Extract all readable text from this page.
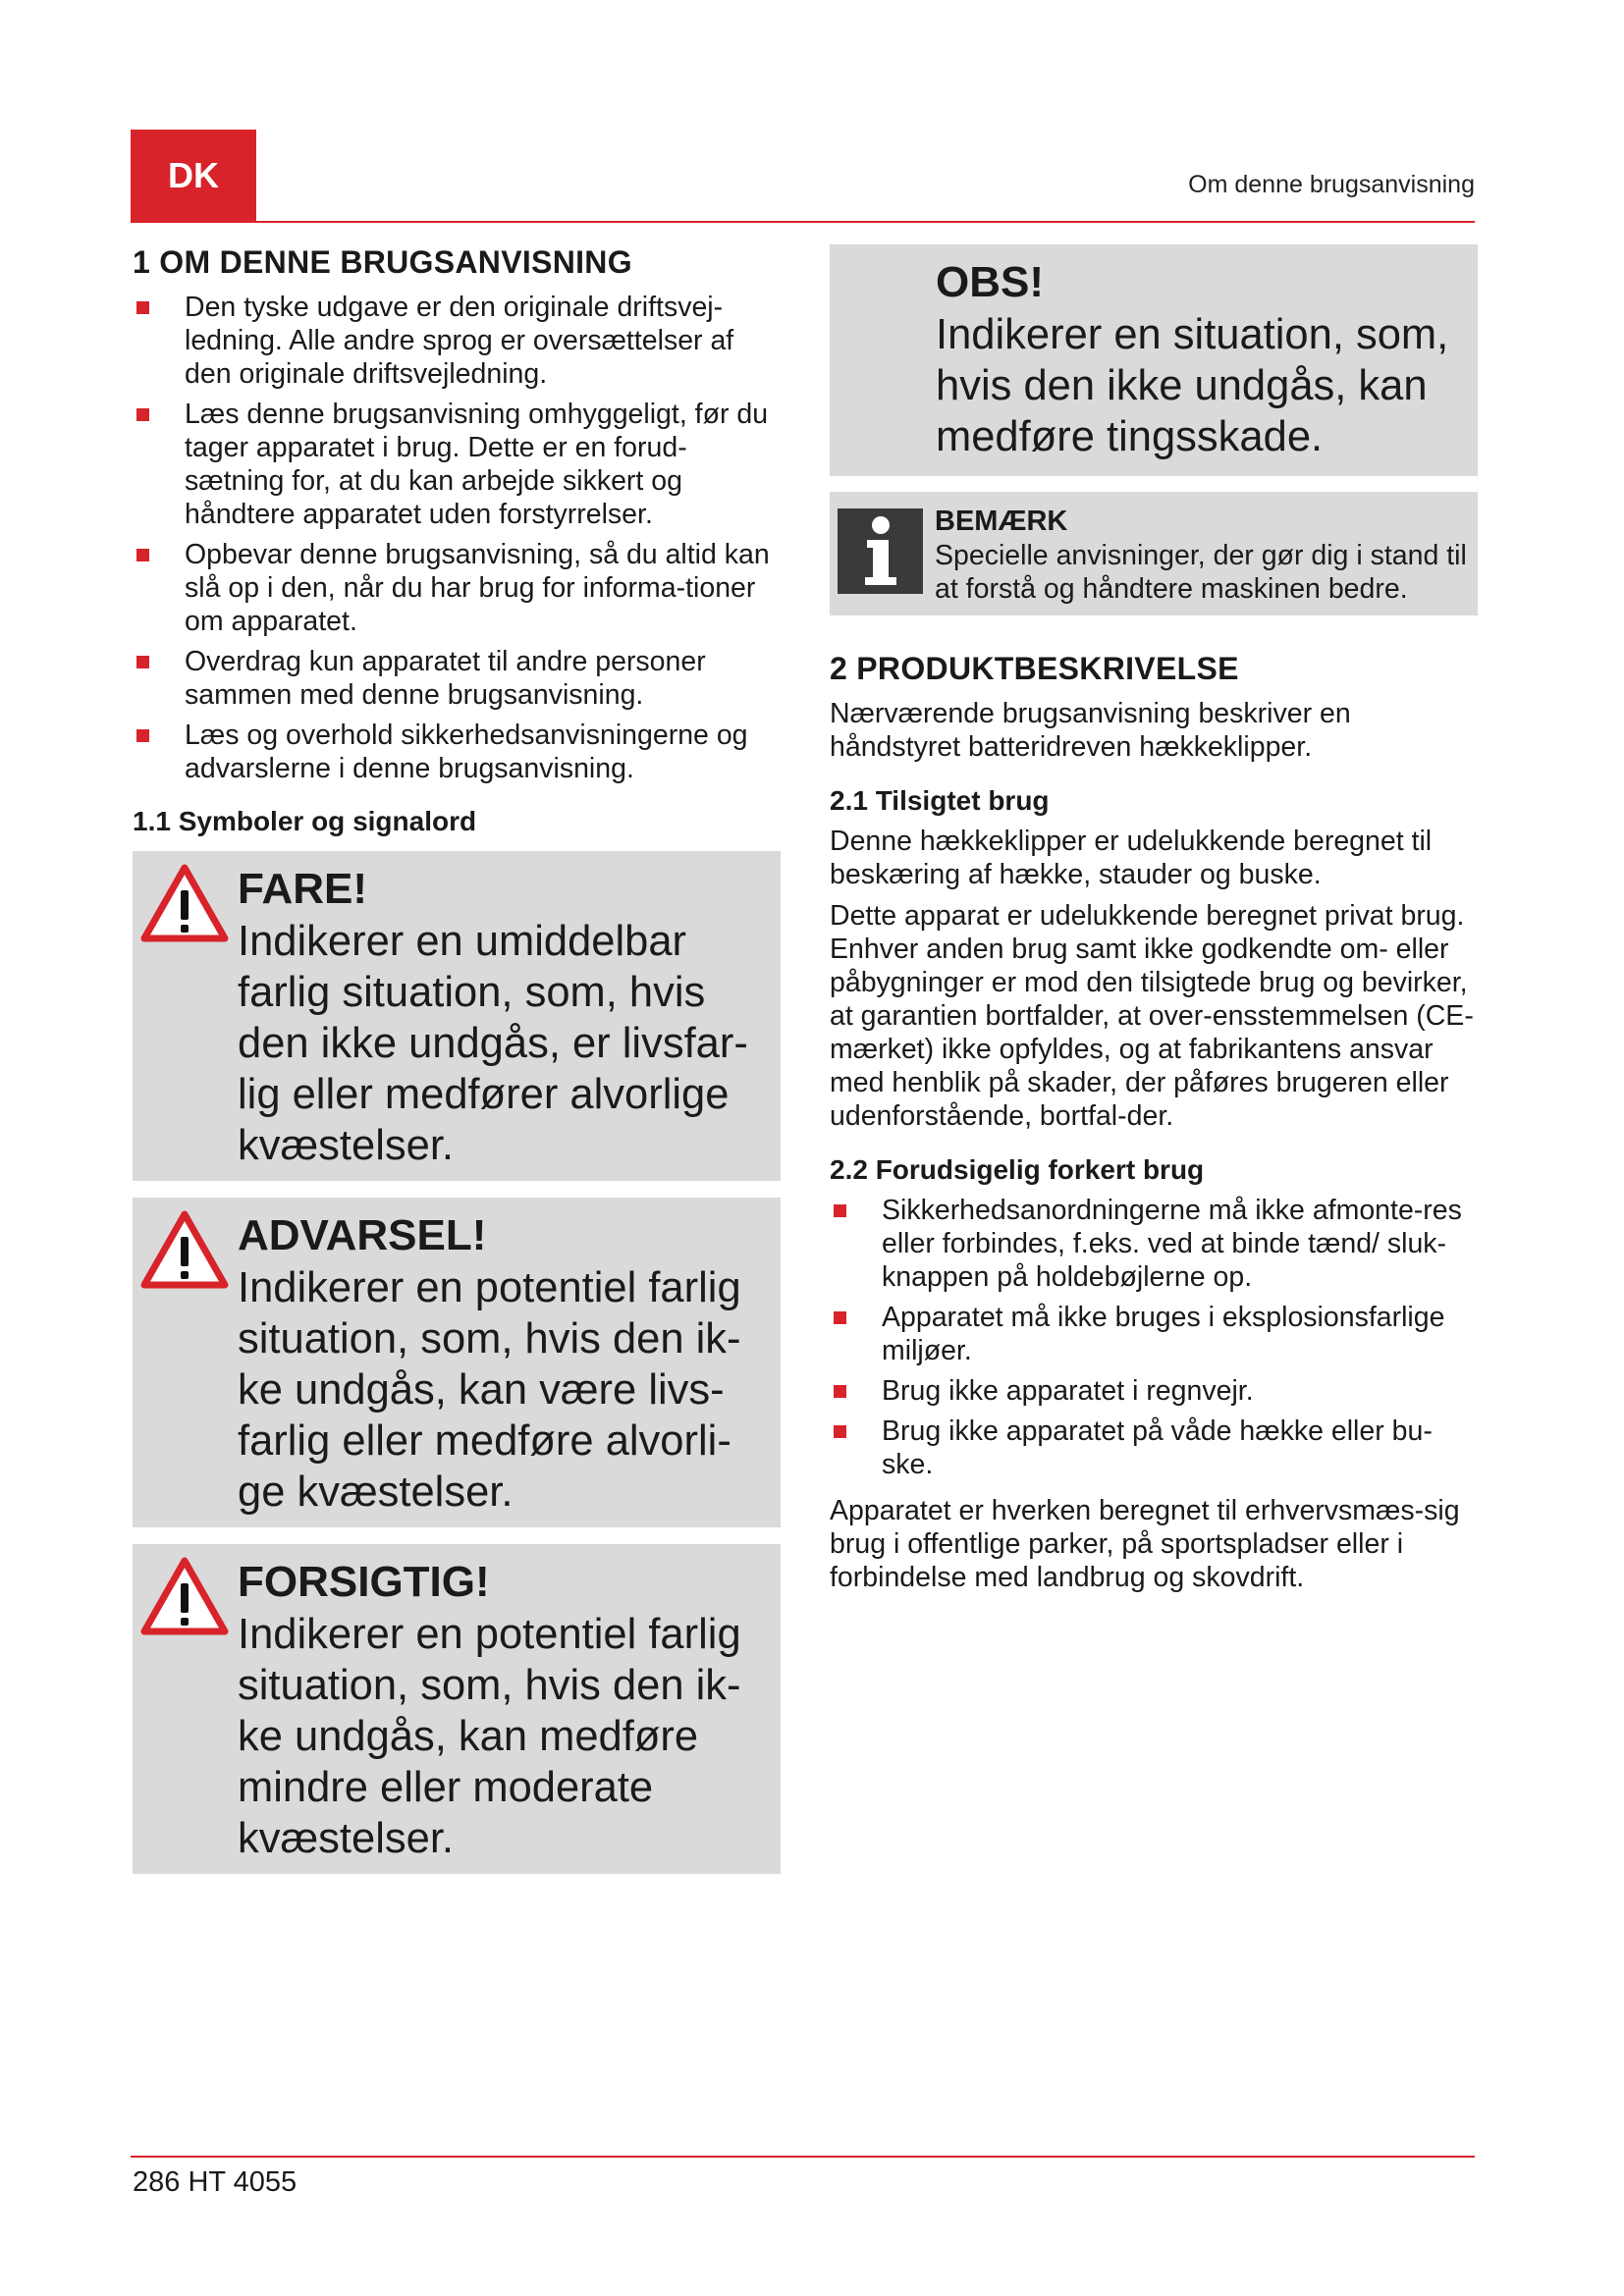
DK	Om denne brugsanvisning
1 OM DENNE BRUGSANVISNING
Den tyske udgave er den originale driftsvej-ledning. Alle andre sprog er oversættelser af den originale driftsvejledning.
Læs denne brugsanvisning omhyggeligt, før du tager apparatet i brug. Dette er en forud-sætning for, at du kan arbejde sikkert og håndtere apparatet uden forstyrrelser.
Opbevar denne brugsanvisning, så du altid kan slå op i den, når du har brug for informa-tioner om apparatet.
Overdrag kun apparatet til andre personer sammen med denne brugsanvisning.
Læs og overhold sikkerhedsanvisningerne og advarslerne i denne brugsanvisning.
1.1 Symboler og signalord
FARE!
Indikerer en umiddelbar farlig situation, som, hvis den ikke undgås, er livsfar-lig eller medfører alvorlige kvæstelser.
ADVARSEL!
Indikerer en potentiel farlig situation, som, hvis den ik-ke undgås, kan være livs-farlig eller medføre alvorli-ge kvæstelser.
FORSIGTIG!
Indikerer en potentiel farlig situation, som, hvis den ik-ke undgås, kan medføre mindre eller moderate kvæstelser.
OBS!
Indikerer en situation, som, hvis den ikke undgås, kan medføre tingsskade.
BEMÆRK
Specielle anvisninger, der gør dig i stand til at forstå og håndtere maskinen bedre.
2 PRODUKTBESKRIVELSE

Nærværende brugsanvisning beskriver en håndstyret batteridreven hækkeklipper.

2.1 Tilsigtet brug

Denne hækkeklipper er udelukkende beregnet til beskæring af hække, stauder og buske.

Dette apparat er udelukkende beregnet privat brug. Enhver anden brug samt ikke godkendte om- eller påbygninger er mod den tilsigtede brug og bevirker, at garantien bortfalder, at over-ensstemmelsen (CE-mærket) ikke opfyldes, og at fabrikantens ansvar med henblik på skader, der påføres brugeren eller udenforstående, bortfal-der.

2.2 Forudsigelig forkert brug
Sikkerhedsanordningerne må ikke afmonte-res eller forbindes, f.eks. ved at binde tænd/ sluk-knappen på holdebøjlerne op.
Apparatet må ikke bruges i eksplosionsfarlige miljøer.
Brug ikke apparatet i regnvejr.
Brug ikke apparatet på våde hække eller bu-ske.

Apparatet er hverken beregnet til erhvervsmæs-sig brug i offentlige parker, på sportspladser eller i forbindelse med landbrug og skovdrift.

286 HT 4055
